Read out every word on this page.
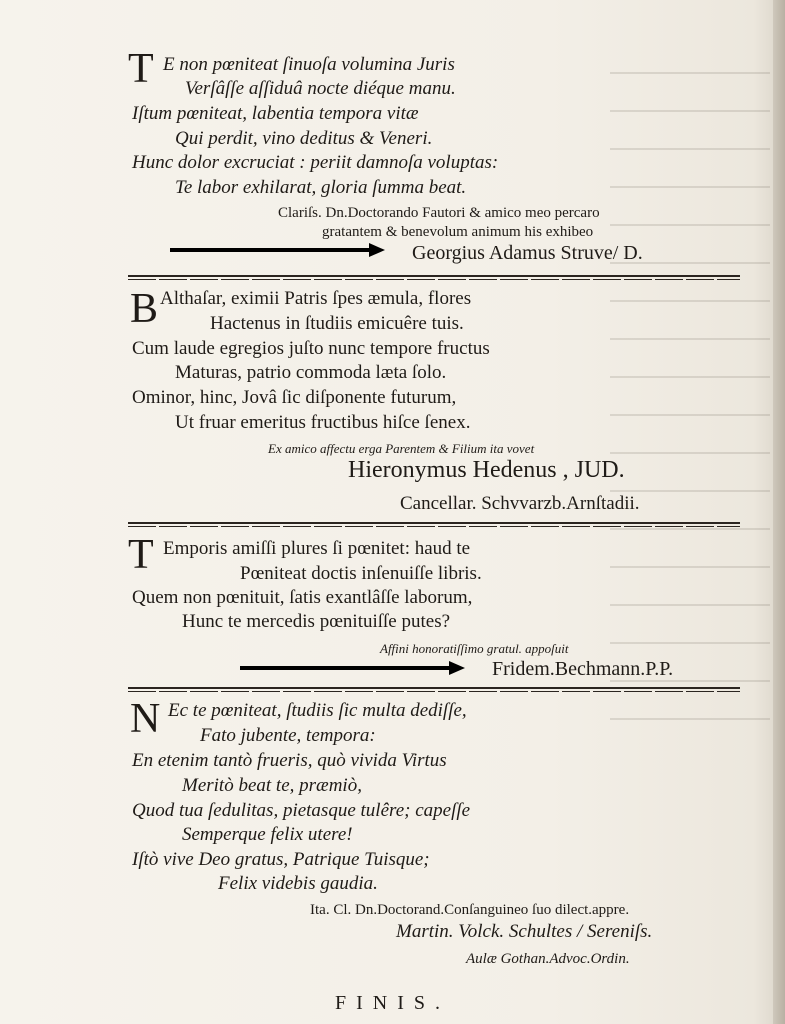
T E non pœniteat ſinuoſa volumina Juris
Verſâſſe aſſiduâ nocte diéque manu.
Iſtum pœniteat, labentia tempora vitæ
Qui perdit, vino deditus & Veneri.
Hunc dolor excruciat : periit damnoſa voluptas:
Te labor exhilarat, gloria ſumma beat.
Clariſs. Dn.Doctorando Fautori & amico meo percaro
gratantem & benevolum animum his exhibeo
Georgius Adamus Struve/ D.
B Althaſar, eximii Patris ſpes æmula, flores
Hactenus in ſtudiis emicuêre tuis.
Cum laude egregios juſto nunc tempore fructus
Maturas, patrio commoda læta ſolo.
Ominor, hinc, Jovâ ſic diſponente futurum,
Ut fruar emeritus fructibus hiſce ſenex.
Ex amico affectu erga Parentem & Filium ita vovet
Hieronymus Hedenus , JUD.
Cancellar. Schvvarzb.Arnſtadii.
T Emporis amiſſi plures ſi pœnitet: haud te
Pœniteat doctis inſenuiſſe libris.
Quem non pœnituit, ſatis exantlâſſe laborum,
Hunc te mercedis pœnituiſſe putes?
Affini honoratiſſimo gratul. appoſuit
Fridem.Bechmann.P.P.
N Ec te pœniteat, ſtudiis ſic multa dediſſe,
Fato jubente, tempora:
En etenim tantò frueris, quò vivida Virtus
Meritò beat te, præmiò,
Quod tua ſedulitas, pietasque tulêre; capeſſe
Semperque felix utere!
Iſtò vive Deo gratus, Patrique Tuisque;
Felix videbis gaudia.
Ita. Cl. Dn.Doctorand.Conſanguineo ſuo dilect.appre.
Martin. Volck. Schultes / Sereniſs.
Aulæ Gothan.Advoc.Ordin.
FINIS.
